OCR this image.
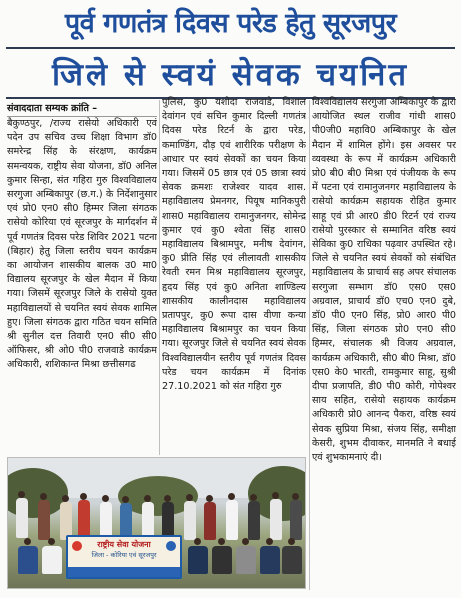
पूर्व गणतंत्र दिवस परेड हेतु सूरजपुर
जिले से स्वयं सेवक चयनित
संवाददाता सम्यक क्रांति –
बैकुण्ठपुर, /राज्य रासेयो अधिकारी एवं पदेन उप सचिव उच्च शिक्षा विभाग डॉ0 समरेन्द्र सिंह के संरक्षण, कार्यक्रम समन्वयक, राष्ट्रीय सेवा योजना, डॉ0 अनिल कुमार सिन्हा, संत गहिरा गुरु विश्वविद्यालय सरगुजा अम्बिकापुर (छ.ग.) के निर्देशानुसार एवं प्रो0 एन0 सी0 हिम्मर जिला संगठक रासेयो कोरिया एवं सूरजपुर के मार्गदर्शन में पूर्व गणतंत्र दिवस परेड शिविर 2021 पटना (बिहार) हेतु जिला स्तरीय चयन कार्यक्रम का आयोजन शासकीय बालक उ0 मा0 विद्यालय सूरजपुर के खेल मैदान में किया गया। जिसमें सूरजपुर जिले के रासेयो युक्त महाविद्यालयों से चयनित स्वयं सेवक शामिल हुए। जिला संगठक द्वारा गठित चयन समिति श्री सुनील दत्त तिवारी एन0 सी0 सी0 ऑफिसर, श्री ओ0 पी0 राजवाडे कार्यक्रम अधिकारी, शशिकान्त मिश्रा छत्तीसगढ
पुलिस, कु0 यशोदा राजवाडे, विशाल देवांगन एवं सचिन कुमार दिल्ली गणतंत्र दिवस परेड रिटर्न के द्वारा परेड, कमाण्डिंग, दौड़ एवं शारीरिक परीक्षण के आधार पर स्वयं सेवकों का चयन किया गया। जिसमें 05 छात्र एवं 05 छात्रा स्वयं सेवक क्रमशः राजेश्वर यादव शास. महाविद्यालय प्रेमनगर, पियूष मानिकपुरी शास0 महाविद्यालय रामानुजनगर, सोमेन्द्र कुमार एवं कु0 श्वेता सिंह शास0 महाविद्यालय बिश्रामपुर, मनीष देवांगन, कु0 प्रीति सिंह एवं लीलावती शासकीय रेवती रमन मिश्र महाविद्यालय सूरजपुर, हृदय सिंह एवं कु0 अनिता शाण्डिल्य शासकीय कालीनदास महाविद्यालय प्रतापपुर, कु0 रूपा दास वीणा कन्या महाविद्यालय बिश्रामपुर का चयन किया गया। सूरजपुर जिले से चयनित स्वयं सेवक विश्वविद्यालयीन स्तरीय पूर्व गणतंत्र दिवस परेड चयन कार्यक्रम में दिनांक 27.10.2021 को संत गहिरा गुरु
विश्वविद्यालय सरगुजा अम्बिकापुर के द्वारा आयोजित स्थल राजीव गांधी शास0 पी0जी0 महावि0 अम्बिकापुर के खेल मैदान में शामिल होंगे। इस अवसर पर व्यवस्था के रूप में कार्यक्रम अधिकारी प्रो0 बी0 बी0 मिश्रा एवं पंजीयक के रूप में पटना एवं रामानुजनगर महाविद्यालय के रासेयो कार्यक्रम सहायक रोहित कुमार साहू एवं प्री आर0 डी0 रिटर्न एवं राज्य रासेयो पुरस्कार से सम्मानित वरिष्ठ स्वयं सेविका कु0 राधिका पढ़वार उपस्थित रहे। जिले से चयनित स्वयं सेवकों को संबंधित महाविद्यालय के प्राचार्य सह अपर संचालक सरगुजा सम्भाग डॉ0 एस0 एस0 अग्रवाल, प्राचार्य डॉ0 एच0 एन0 दुबे, डॉ0 पी0 एन0 सिंह, प्रो0 आर0 पी0 सिंह, जिला संगठक प्रो0 एन0 सी0 हिम्मर, संचालक श्री विजय अग्रवाल, कार्यक्रम अधिकारी, सी0 बी0 मिश्रा, डॉ0 एस0 के0 भारती, रामकुमार साहू, सुश्री दीपा प्रजापति, डी0 पी0 कोरी, गोपेश्वर साय सहित, रासेयो सहायक कार्यक्रम अधिकारी प्रो0 आनन्द पैकरा, वरिष्ठ स्वयं सेवक सुप्रिया मिश्रा, संजय सिंह, समीक्षा केसरी, शुभम दीवाकर, मानमति ने बधाई एवं शुभकामनाएं दी।
राष्ट्रीय सेवा योजना
जिला - कोरिया एवं सूरजपुर
